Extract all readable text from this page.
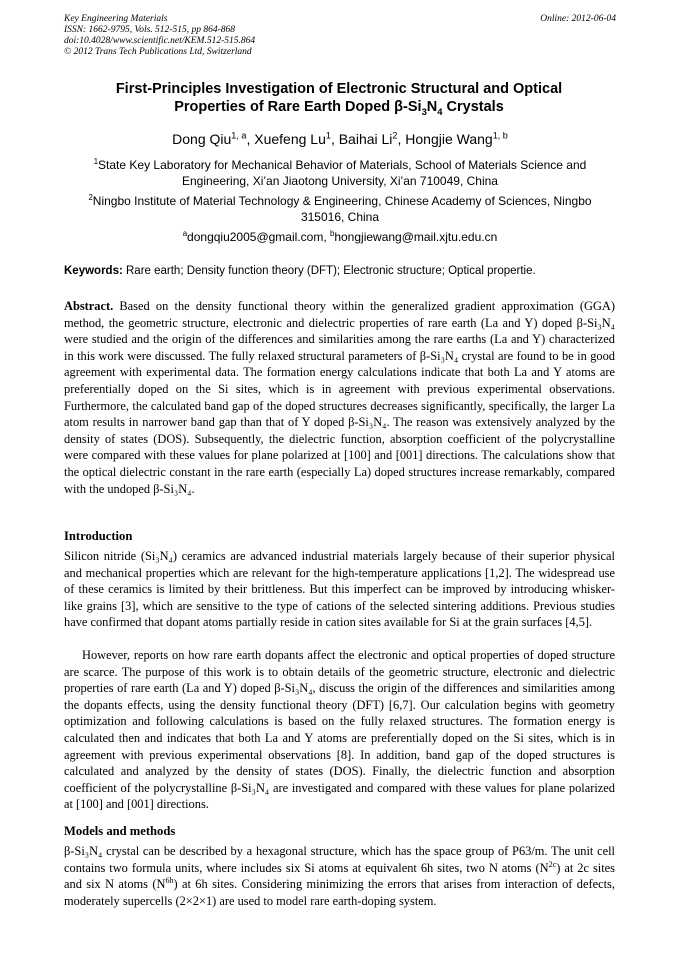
Key Engineering Materials	Online: 2012-06-04
ISSN: 1662-9795, Vols. 512-515, pp 864-868
doi:10.4028/www.scientific.net/KEM.512-515.864
© 2012 Trans Tech Publications Ltd, Switzerland
First-Principles Investigation of Electronic Structural and Optical
Properties of Rare Earth Doped $\beta-Si_3N_4$ Crystals
Dong Qiu$^{1, a}$, Xuefeng Lu$^1$, Baihai Li$^2$, Hongjie Wang$^{1, b}$
$^1$State Key Laboratory for Mechanical Behavior of Materials, School of Materials Science and Engineering, Xi’an Jiaotong University, Xi’an 710049, China
$^2$Ningbo Institute of Material Technology & Engineering, Chinese Academy of Sciences, Ningbo 315016, China
$^a$dongqiu2005@gmail.com, $^b$hongjiewang@mail.xjtu.edu.cn
Keywords: Rare earth; Density function theory (DFT); Electronic structure; Optical propertie.
Abstract. Based on the density functional theory within the generalized gradient approximation (GGA) method, the geometric structure, electronic and dielectric properties of rare earth (La and Y) doped β-Si₃N₄ were studied and the origin of the differences and similarities among the rare earths (La and Y) characterized in this work were discussed. The fully relaxed structural parameters of β-Si₃N₄ crystal are found to be in good agreement with experimental data. The formation energy calculations indicate that both La and Y atoms are preferentially doped on the Si sites, which is in agreement with previous experimental observations. Furthermore, the calculated band gap of the doped structures decreases significantly, specifically, the larger La atom results in narrower band gap than that of Y doped β-Si₃N₄. The reason was extensively analyzed by the density of states (DOS). Subsequently, the dielectric function, absorption coefficient of the polycrystalline were compared with these values for plane polarized at [100] and [001] directions. The calculations show that the optical dielectric constant in the rare earth (especially La) doped structures increase remarkably, compared with the undoped β-Si₃N₄.
Introduction
Silicon nitride (Si₃N₄) ceramics are advanced industrial materials largely because of their superior physical and mechanical properties which are relevant for the high-temperature applications [1,2]. The widespread use of these ceramics is limited by their brittleness. But this imperfect can be improved by introducing whisker-like grains [3], which are sensitive to the type of cations of the selected sintering additions. Previous studies have confirmed that dopant atoms partially reside in cation sites available for Si at the grain surfaces [4,5].
However, reports on how rare earth dopants affect the electronic and optical properties of doped structure are scarce. The purpose of this work is to obtain details of the geometric structure, electronic and dielectric properties of rare earth (La and Y) doped β-Si₃N₄, discuss the origin of the differences and similarities among the dopants effects, using the density functional theory (DFT) [6,7]. Our calculation begins with geometry optimization and following calculations is based on the fully relaxed structures. The formation energy is calculated then and indicates that both La and Y atoms are preferentially doped on the Si sites, which is in agreement with previous experimental observations [8]. In addition, band gap of the doped structures is calculated and analyzed by the density of states (DOS). Finally, the dielectric function and absorption coefficient of the polycrystalline β-Si₃N₄ are investigated and compared with these values for plane polarized at [100] and [001] directions.
Models and methods
β-Si₃N₄ crystal can be described by a hexagonal structure, which has the space group of P63/m. The unit cell contains two formula units, where includes six Si atoms at equivalent 6h sites, two N atoms $(N^{2c})$ at 2c sites and six N atoms $(N^{6h})$ at 6h sites. Considering minimizing the errors that arises from interaction of defects, moderately supercells (2×2×1) are used to model rare earth-doping system.
